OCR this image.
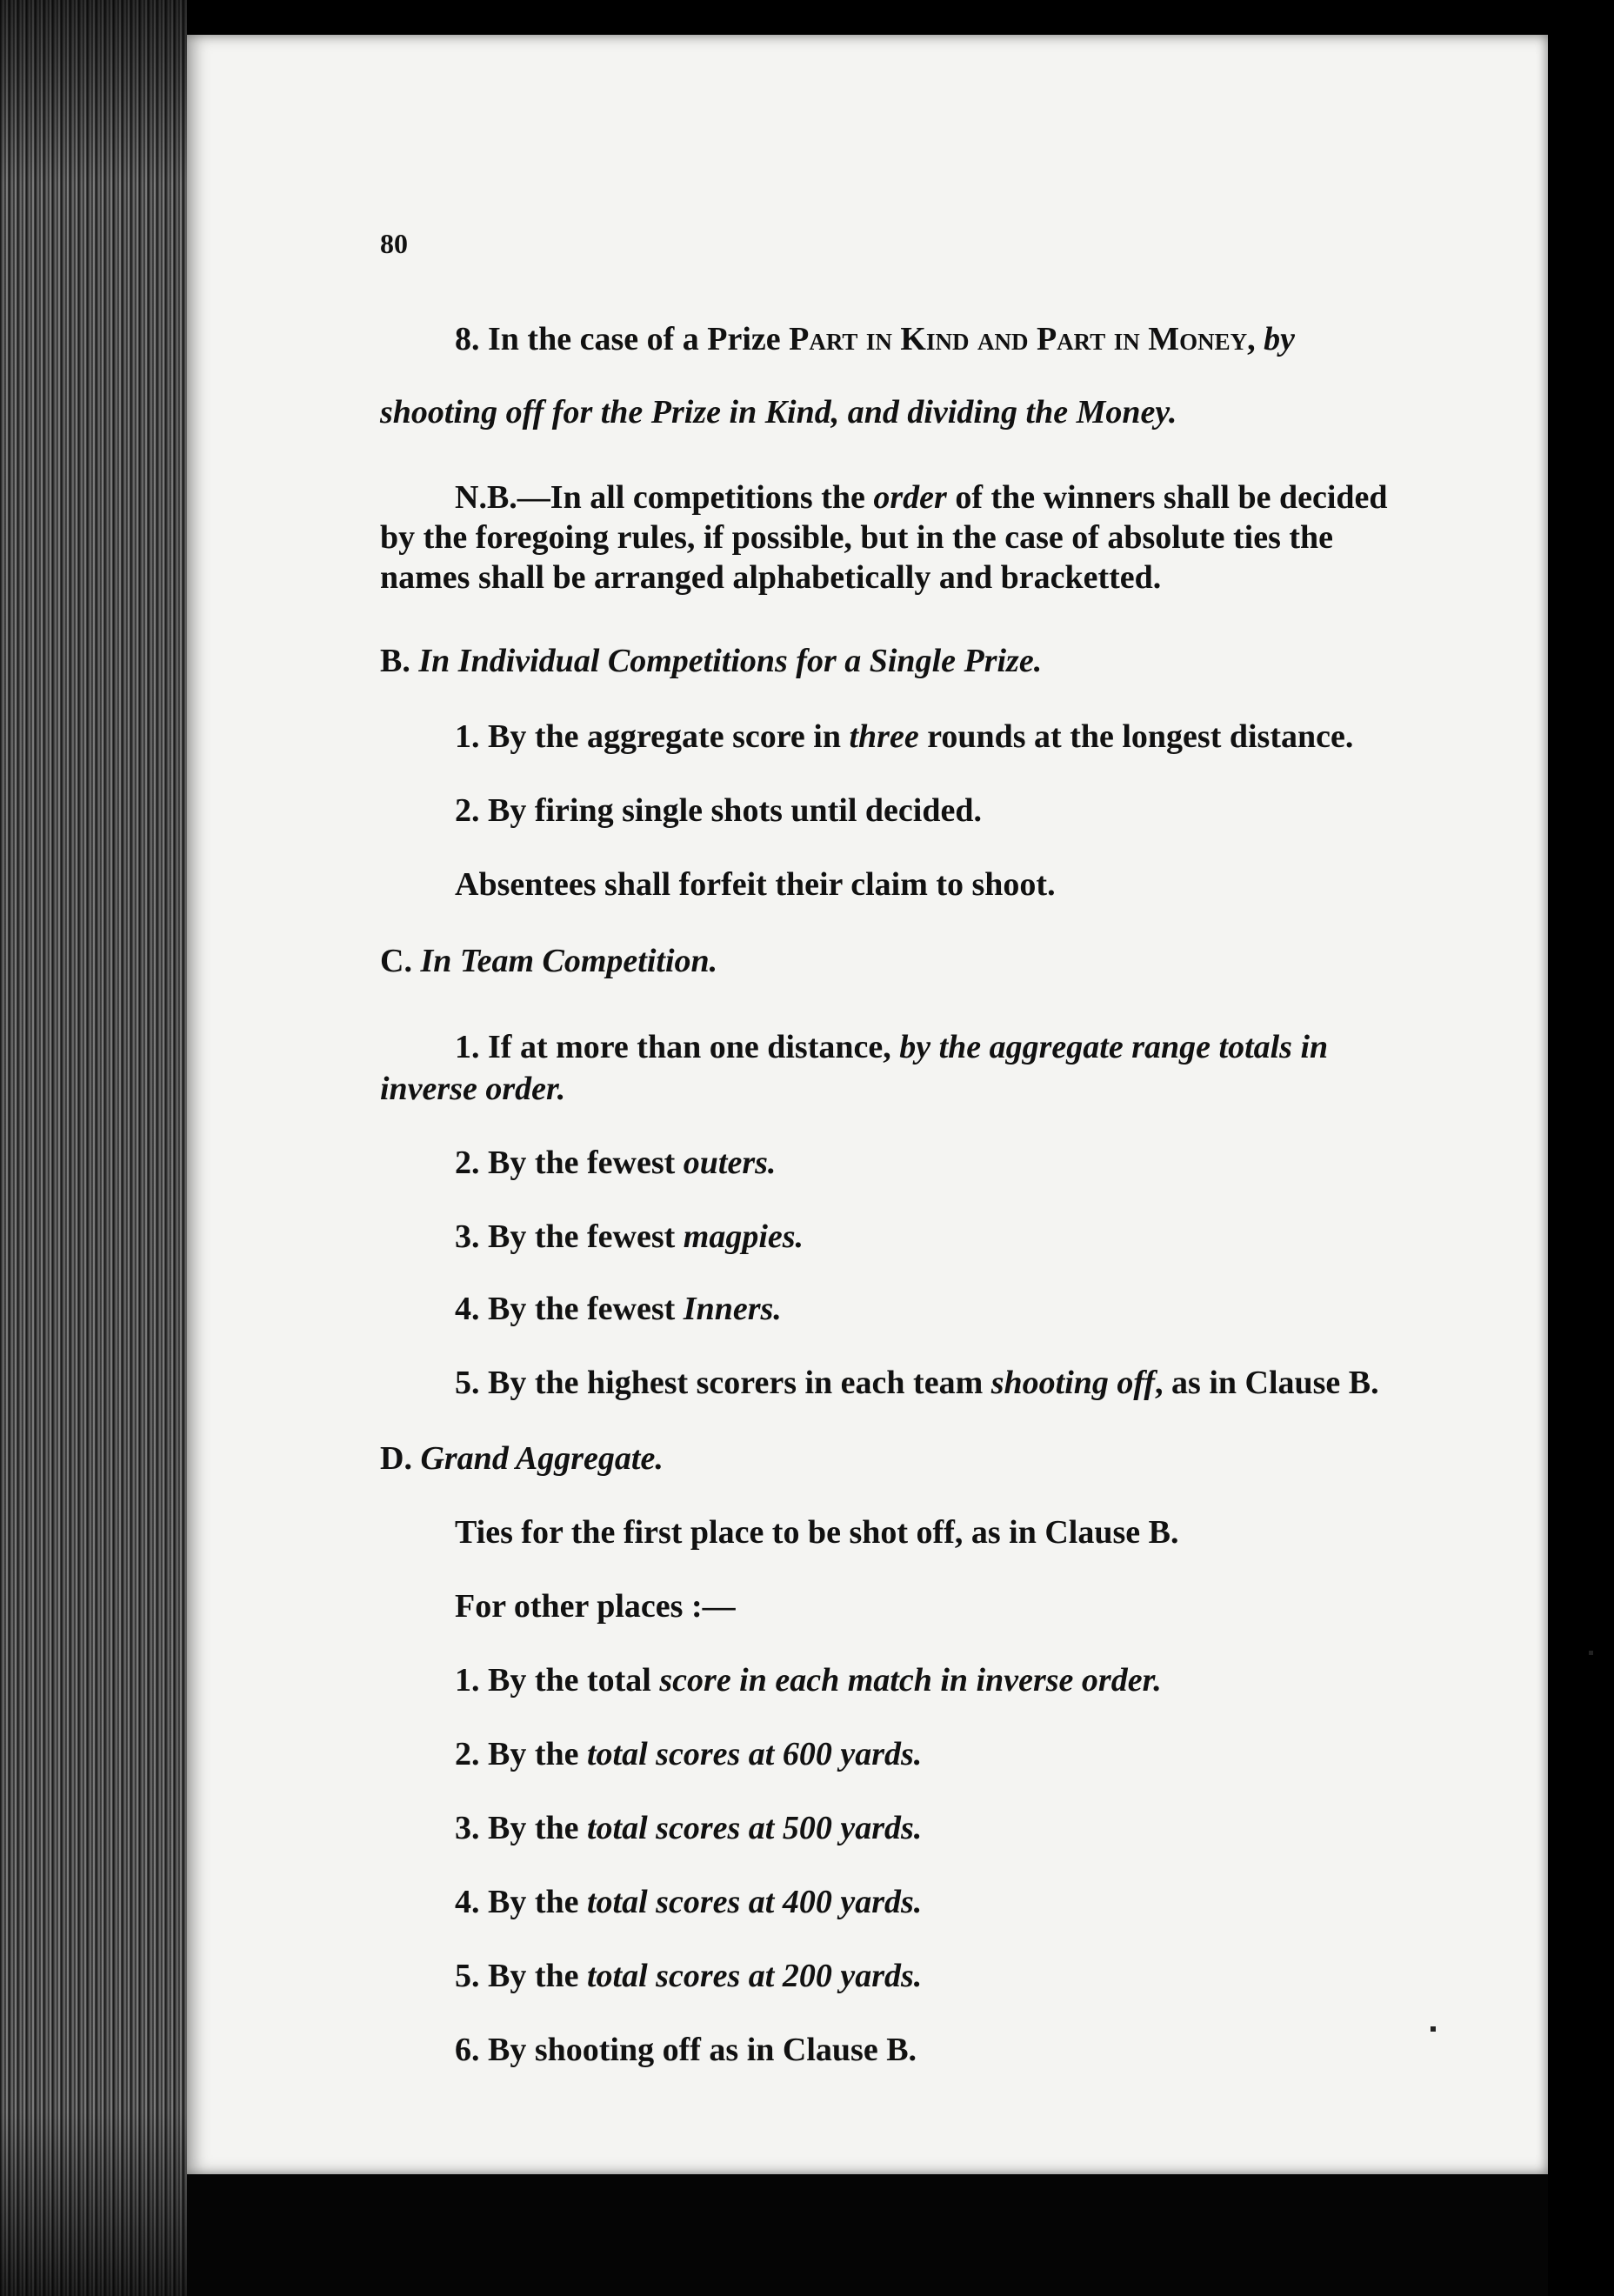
80
8. In the case of a Prize Part in Kind and Part in Money, by
shooting off for the Prize in Kind, and dividing the Money.
N.B.—In all competitions the order of the winners shall be decided
by the foregoing rules, if possible, but in the case of absolute ties the
names shall be arranged alphabetically and bracketted.
B. In Individual Competitions for a Single Prize.
1. By the aggregate score in three rounds at the longest distance.
2. By firing single shots until decided.
Absentees shall forfeit their claim to shoot.
C. In Team Competition.
1. If at more than one distance, by the aggregate range totals in
inverse order.
2. By the fewest outers.
3. By the fewest magpies.
4. By the fewest Inners.
5. By the highest scorers in each team shooting off, as in Clause B.
D. Grand Aggregate.
Ties for the first place to be shot off, as in Clause B.
For other places :—
1. By the total score in each match in inverse order.
2. By the total scores at 600 yards.
3. By the total scores at 500 yards.
4. By the total scores at 400 yards.
5. By the total scores at 200 yards.
6. By shooting off as in Clause B.
